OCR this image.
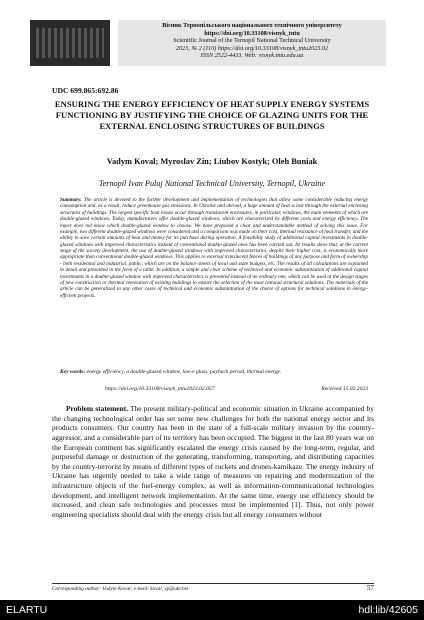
Вісник Тернопільського національного технічного університету
https://doi.org/10.33108/visnyk_tntu
Scientific Journal of the Ternopil National Technical University
2023, № 2 (110) https://doi.org/10.33108/visnyk_tntu2023.02
ISSN 2522-4433. Web: visnyk.tntu.edu.ua
UDC 699.865:692.86
ENSURING THE ENERGY EFFICIENCY OF HEAT SUPPLY ENERGY SYSTEMS FUNCTIONING BY JUSTIFYING THE CHOICE OF GLAZING UNITS FOR THE EXTERNAL ENCLOSING STRUCTURES OF BUILDINGS
Vadym Koval; Myroslav Zin; Liubov Kostyk; Oleh Buniak
Ternopil Ivan Puluj National Technical University, Ternopil, Ukraine
Summary. The article is devoted to the further development and implementation of technologies that allow some considerable reducing energy consumption and, as a result, reduce greenhouse gas emissions. In Ukraine and abroad, a huge amount of heat is lost through the external enclosing structures of buildings. The largest specific heat losses occur through translucent enclosures, in particular, windows, the main elements of which are double-glazed windows. Today, manufacturers offer double-glazed windows, which are characterized by different costs and energy efficiency. The buyer does not know which double-glazed window to choose. We have proposed a clear and understandable method of solving this issue. For example, two different double-glazed windows were considered and a comparison was made on their cost, thermal resistance of heat transfer, and the ability to save certain amounts of heat and money for its purchase during operation. A feasibility study of additional capital investments in double-glazed windows with improved characteristics instead of conventional double-glazed ones has been carried out. Its results show that, at the current stage of the society development, the use of double-glazed windows with improved characteristics, despite their higher cost, is economically more appropriate than conventional double-glazed windows. This applies to external translucent fences of buildings of any purpose and form of ownership - both residential and industrial, public, which are on the balance sheets of local and state budgets, etc. The results of all calculations are explained in detail and presented in the form of a table. In addition, a simple and clear scheme of technical and economic substantiation of additional capital investments in a double-glazed window with improved characteristics is presented instead of an ordinary one, which can be used at the design stages of new construction or thermal renovation of existing buildings to ensure the selection of the most rational structural solutions. The materials of the article can be generalized to any other cases of technical and economic substantiation of the choice of options for technical solutions in energy-efficient projects.
Key words: energy efficiency, a double-glazed window, low-e glass, payback period, thermal energy.
https://doi.org/10.33108/visnyk_tntu2023.02.057	Received 15.02.2023
Problem statement. The present military-political and economic situation in Ukraine accompanied by the changing technological order has set some new challenges for both the national energy sector and its products consumers. Our country has been in the state of a full-scale military invasion by the country-aggressor, and a considerable part of its territory has been occupied. The biggest in the last 80 years war on the European continent has significantly escalated the energy crisis caused by the long-term, regular, and purposeful damage or destruction of the generating, transforming, transporting, and distributing capacities by the country-terrorist by means of different types of rockets and drones-kamikaze. The energy industry of Ukraine has urgently needed to take a wide range of measures on repairing and modernization of the infrastructure objects of the fuel-energy complex, as well as information-communicational technologies development, and intelligent network implementation. At the same time, energy use efficiency should be increased, and clean safe technologies and processes must be implemented [1]. Thus, not only power engineering specialists should deal with the energy crisis but all energy consumers without
Corresponding author: Vadym Koval; e-mail: koval_vp@ukr.net	57
ELARTU	hdl:lib/42605
